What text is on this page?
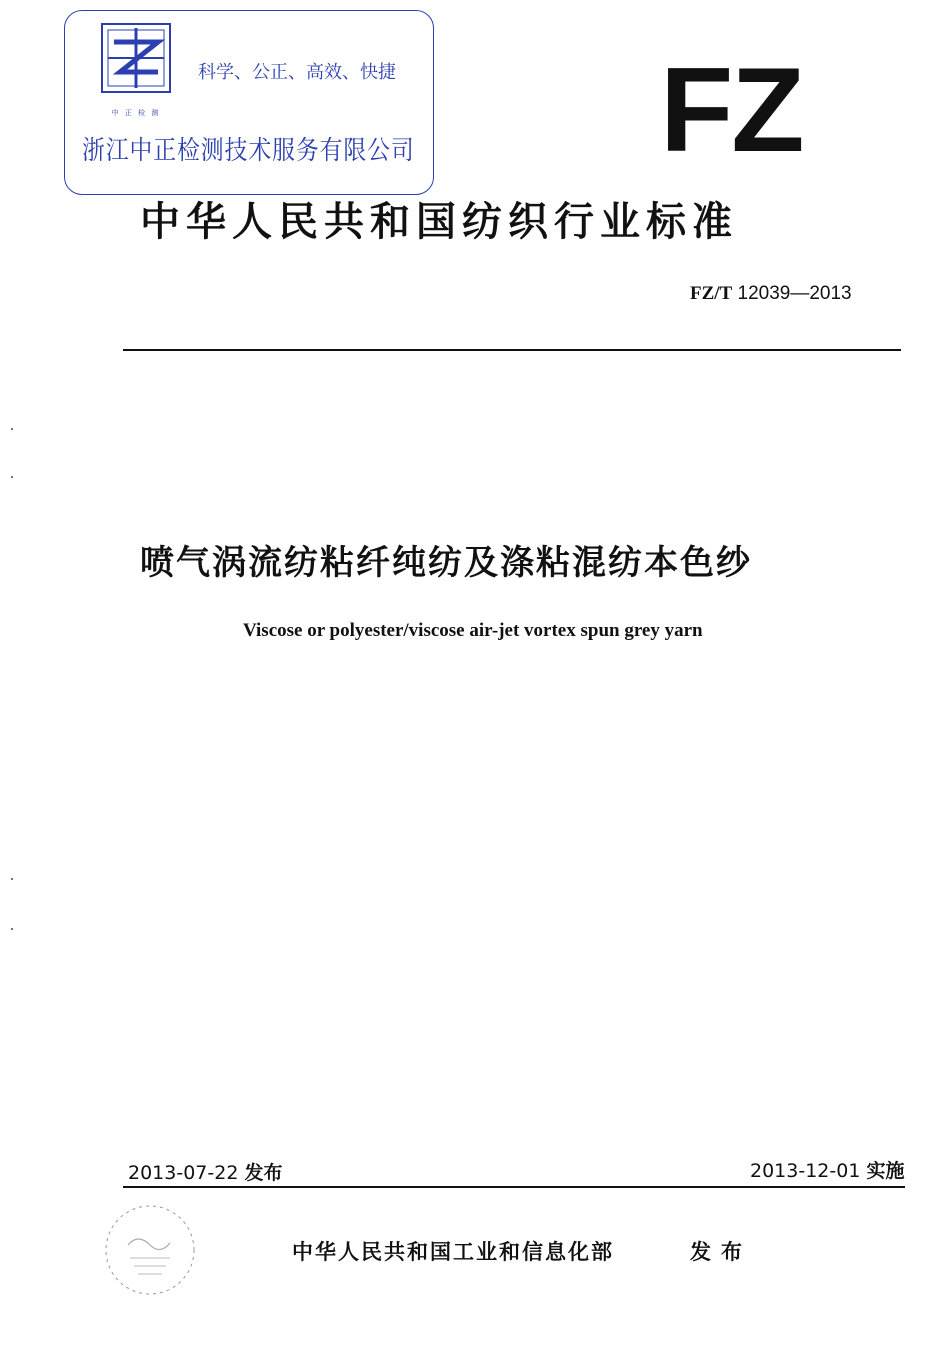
中 正 检 测
科学、公正、高效、快捷
浙江中正检测技术服务有限公司 FZ
中华人民共和国纺织行业标准
FZ/T 12039—2013
喷气涡流纺粘纤纯纺及涤粘混纺本色纱
Viscose or polyester/viscose air-jet vortex spun grey yarn
2013-07-22 发布	2013-12-01 实施
中华人民共和国工业和信息化部	发布
